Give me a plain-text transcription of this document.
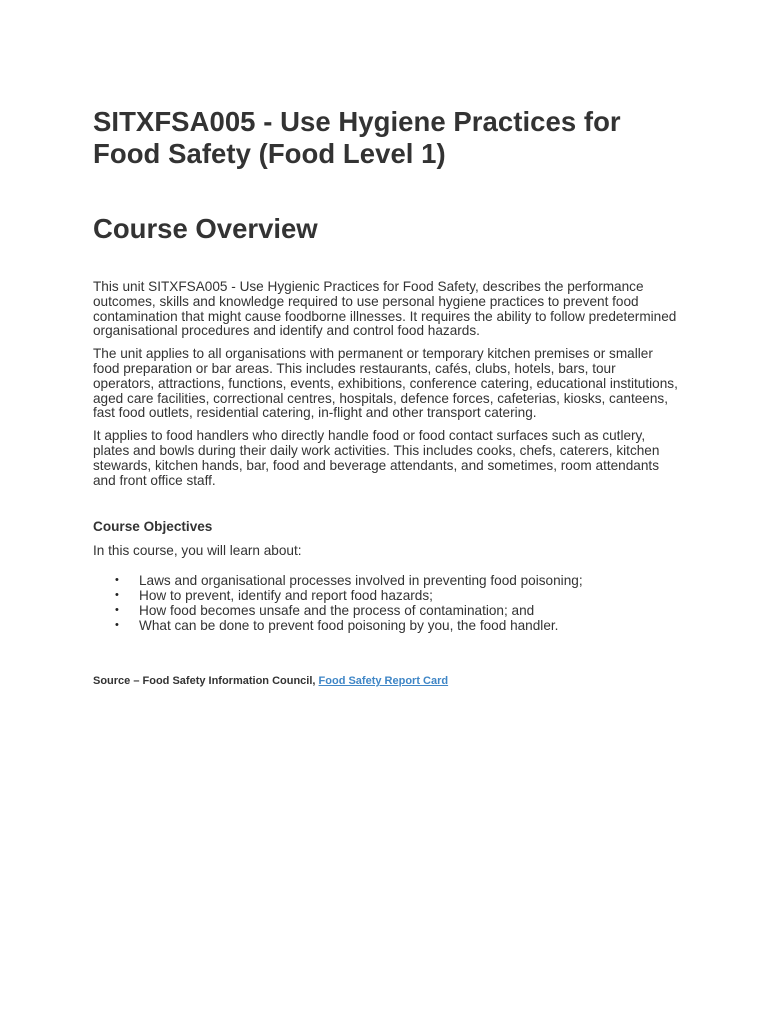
SITXFSA005 - Use Hygiene Practices for Food Safety (Food Level 1)
Course Overview

This unit SITXFSA005 - Use Hygienic Practices for Food Safety, describes the performance outcomes, skills and knowledge required to use personal hygiene practices to prevent food contamination that might cause foodborne illnesses. It requires the ability to follow predetermined organisational procedures and identify and control food hazards.

The unit applies to all organisations with permanent or temporary kitchen premises or smaller food preparation or bar areas. This includes restaurants, cafés, clubs, hotels, bars, tour operators, attractions, functions, events, exhibitions, conference catering, educational institutions, aged care facilities, correctional centres, hospitals, defence forces, cafeterias, kiosks, canteens, fast food outlets, residential catering, in-flight and other transport catering.

It applies to food handlers who directly handle food or food contact surfaces such as cutlery, plates and bowls during their daily work activities. This includes cooks, chefs, caterers, kitchen stewards, kitchen hands, bar, food and beverage attendants, and sometimes, room attendants and front office staff.

Course Objectives

In this course, you will learn about:

• Laws and organisational processes involved in preventing food poisoning;
• How to prevent, identify and report food hazards;
• How food becomes unsafe and the process of contamination; and
• What can be done to prevent food poisoning by you, the food handler.

Source – Food Safety Information Council, Food Safety Report Card
